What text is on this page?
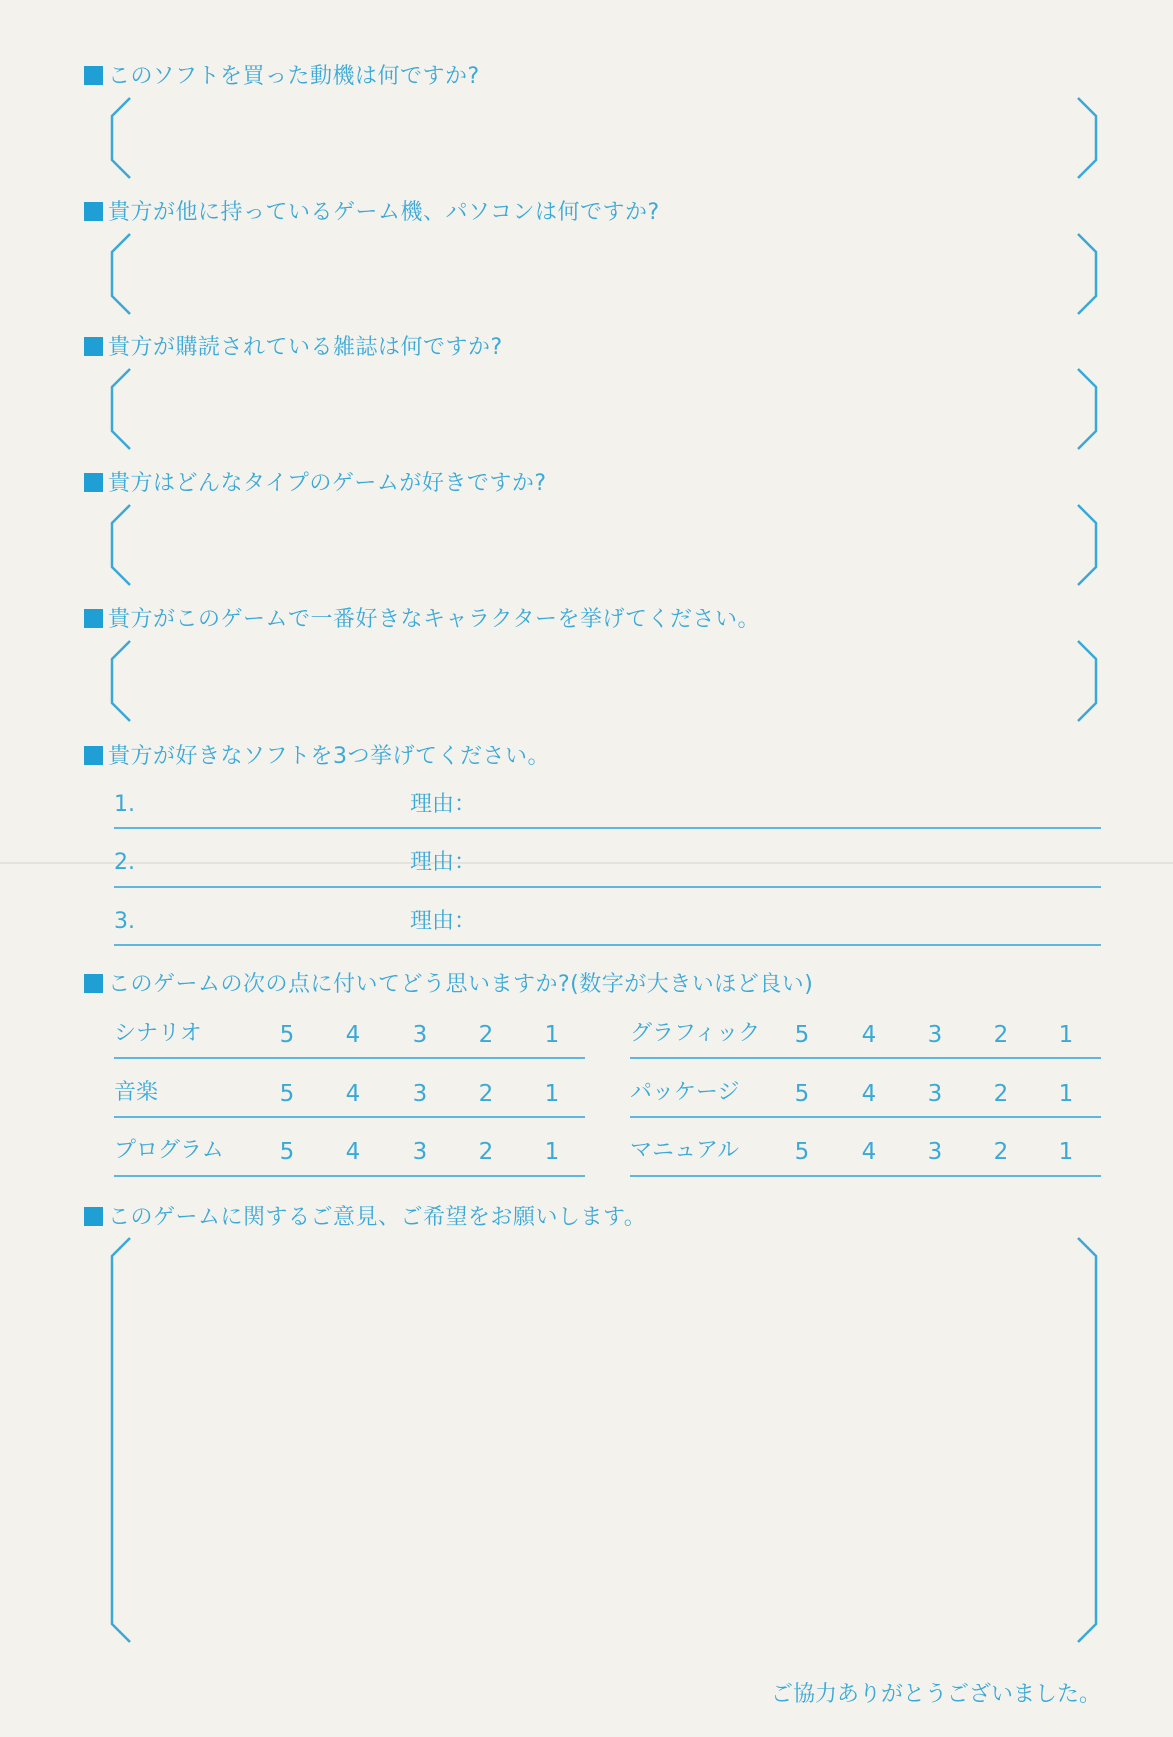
このソフトを買った動機は何ですか?
貴方が他に持っているゲーム機、パソコンは何ですか?
貴方が購読されている雑誌は何ですか?
貴方はどんなタイプのゲームが好きですか?
貴方がこのゲームで一番好きなキャラクターを挙げてください。
貴方が好きなソフトを3つ挙げてください。
1.	理由：
2.	理由：
3.	理由：
このゲームの次の点に付いてどう思いますか?(数字が大きいほど良い)
シナリオ	5	4	3	2	1
音楽	5	4	3	2	1
プログラム	5	4	3	2	1
グラフィック	5	4	3	2	1
パッケージ	5	4	3	2	1
マニュアル	5	4	3	2	1
このゲームに関するご意見、ご希望をお願いします。
ご協力ありがとうございました。
